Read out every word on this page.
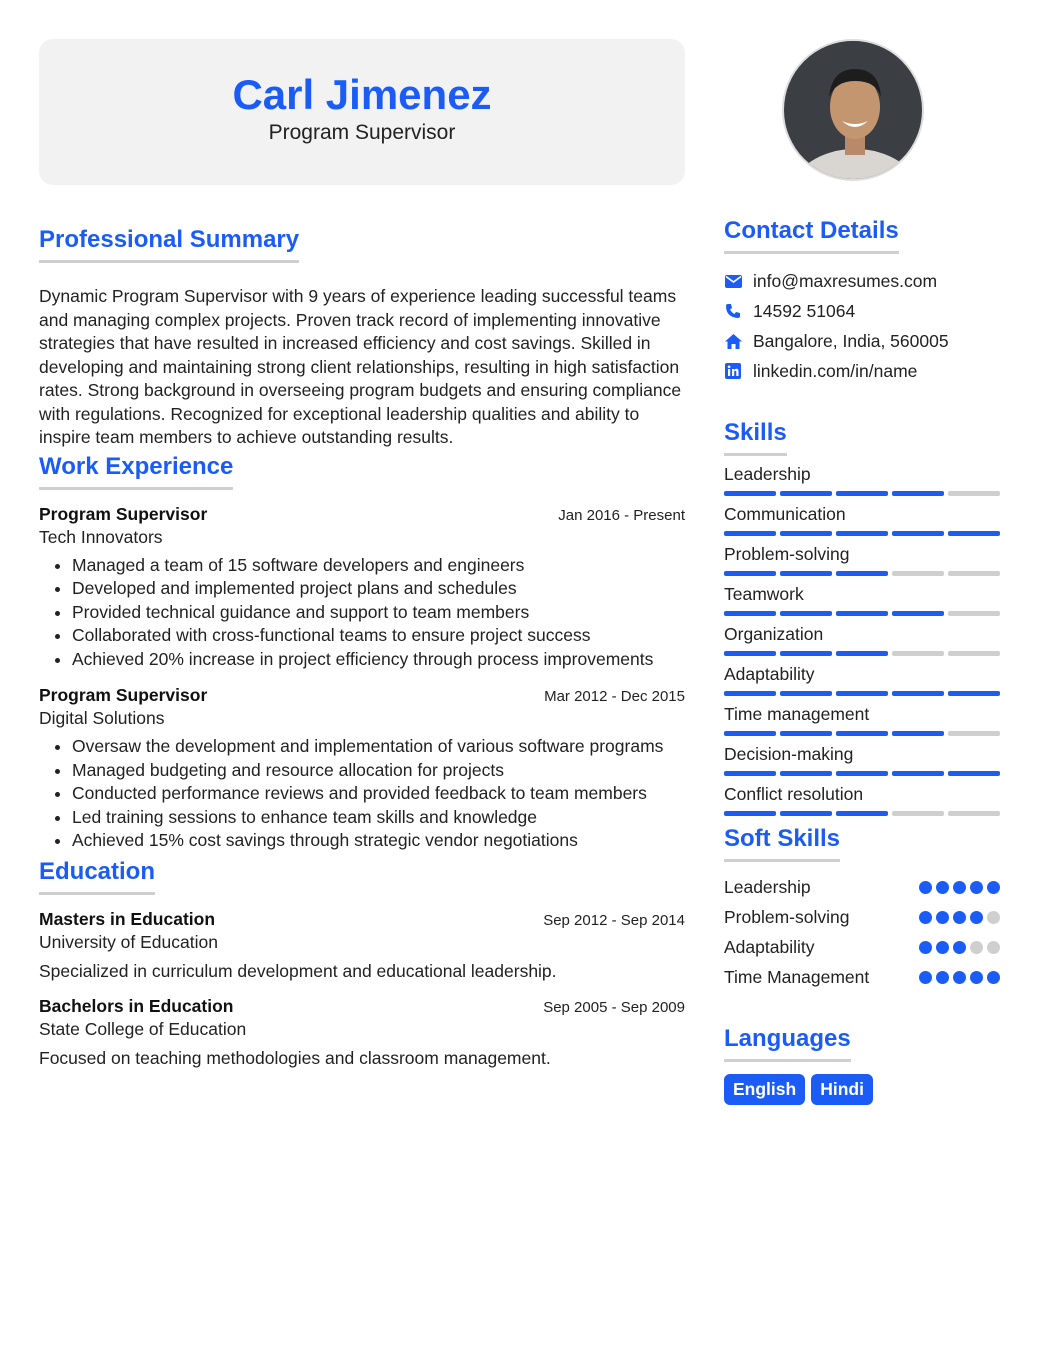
Carl Jimenez
Program Supervisor
Professional Summary

Dynamic Program Supervisor with 9 years of experience leading successful teams and managing complex projects. Proven track record of implementing innovative strategies that have resulted in increased efficiency and cost savings. Skilled in developing and maintaining strong client relationships, resulting in high satisfaction rates. Strong background in overseeing program budgets and ensuring compliance with regulations. Recognized for exceptional leadership qualities and ability to inspire team members to achieve outstanding results.

Work Experience
Program Supervisor	Jan 2016 - Present
Tech Innovators
• Managed a team of 15 software developers and engineers
• Developed and implemented project plans and schedules
• Provided technical guidance and support to team members
• Collaborated with cross-functional teams to ensure project success
• Achieved 20% increase in project efficiency through process improvements
Program Supervisor	Mar 2012 - Dec 2015
Digital Solutions
• Oversaw the development and implementation of various software programs
• Managed budgeting and resource allocation for projects
• Conducted performance reviews and provided feedback to team members
• Led training sessions to enhance team skills and knowledge
• Achieved 15% cost savings through strategic vendor negotiations
Education
Masters in Education	Sep 2012 - Sep 2014
University of Education
Specialized in curriculum development and educational leadership.
Bachelors in Education	Sep 2005 - Sep 2009
State College of Education
Focused on teaching methodologies and classroom management.
Contact Details
info@maxresumes.com
14592 51064
Bangalore, India, 560005
linkedin.com/in/name
Skills
Leadership
Communication
Problem-solving
Teamwork
Organization
Adaptability
Time management
Decision-making
Conflict resolution
Soft Skills
Leadership
Problem-solving
Adaptability
Time Management
Languages
English	Hindi
